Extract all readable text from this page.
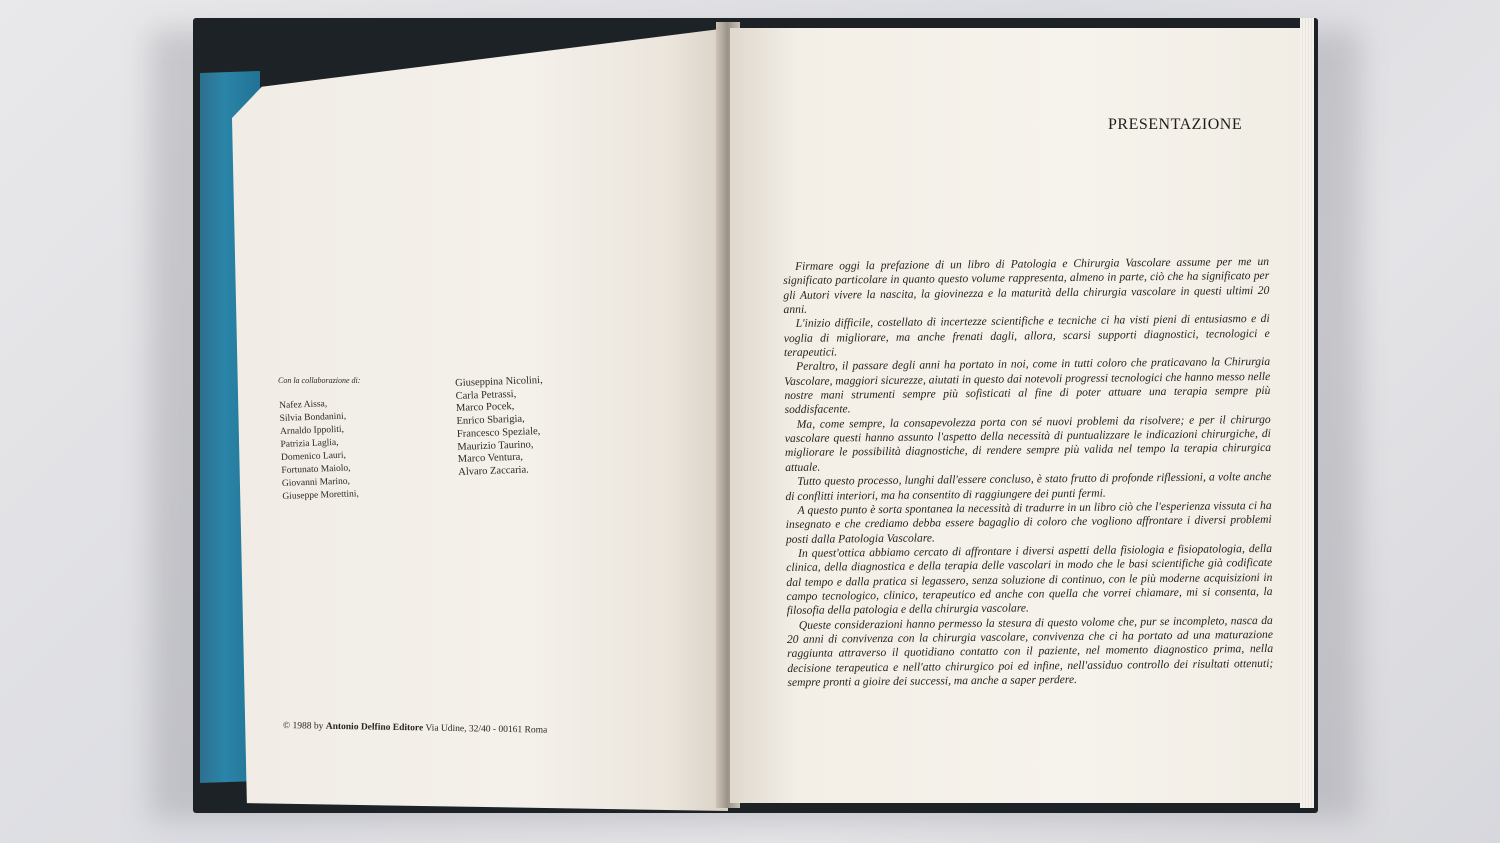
Con la collaborazione di:

Nafez Aissa,
Silvia Bondanini,
Arnaldo Ippoliti,
Patrizia Laglia,
Domenico Lauri,
Fortunato Maiolo,
Giovanni Marino,
Giuseppe Morettini,
Giuseppina Nicolini,
Carla Petrassi,
Marco Pocek,
Enrico Sbarigia,
Francesco Speziale,
Maurizio Taurino,
Marco Ventura,
Alvaro Zaccaria.

© 1988 by Antonio Delfino Editore Via Udine, 32/40 - 00161 Roma

PRESENTAZIONE

Firmare oggi la prefazione di un libro di Patologia e Chirurgia Vascolare assume per me un significato particolare in quanto questo volume rappresenta, almeno in parte, ciò che ha significato per gli Autori vivere la nascita, la giovinezza e la maturità della chirurgia vascolare in questi ultimi 20 anni.

L'inizio difficile, costellato di incertezze scientifiche e tecniche ci ha visti pieni di entusiasmo e di voglia di migliorare, ma anche frenati dagli, allora, scarsi supporti diagnostici, tecnologici e terapeutici.

Peraltro, il passare degli anni ha portato in noi, come in tutti coloro che praticavano la Chirurgia Vascolare, maggiori sicurezze, aiutati in questo dai notevoli progressi tecnologici che hanno messo nelle nostre mani strumenti sempre più sofisticati al fine di poter attuare una terapia sempre più soddisfacente.

Ma, come sempre, la consapevolezza porta con sé nuovi problemi da risolvere; e per il chirurgo vascolare questi hanno assunto l'aspetto della necessità di puntualizzare le indicazioni chirurgiche, di migliorare le possibilità diagnostiche, di rendere sempre più valida nel tempo la terapia chirurgica attuale.

Tutto questo processo, lunghi dall'essere concluso, è stato frutto di profonde riflessioni, a volte anche di conflitti interiori, ma ha consentito di raggiungere dei punti fermi.

A questo punto è sorta spontanea la necessità di tradurre in un libro ciò che l'esperienza vissuta ci ha insegnato e che crediamo debba essere bagaglio di coloro che vogliono affrontare i diversi problemi posti dalla Patologia Vascolare.

In quest'ottica abbiamo cercato di affrontare i diversi aspetti della fisiologia e fisiopatologia, della clinica, della diagnostica e della terapia delle vascolari in modo che le basi scientifiche già codificate dal tempo e dalla pratica si legassero, senza soluzione di continuo, con le più moderne acquisizioni in campo tecnologico, clinico, terapeutico ed anche con quella che vorrei chiamare, mi si consenta, la filosofia della patologia e della chirurgia vascolare.

Queste considerazioni hanno permesso la stesura di questo volome che, pur se incompleto, nasca da 20 anni di convivenza con la chirurgia vascolare, convivenza che ci ha portato ad una maturazione raggiunta attraverso il quotidiano contatto con il paziente, nel momento diagnostico prima, nella decisione terapeutica e nell'atto chirurgico poi ed infine, nell'assiduo controllo dei risultati ottenuti; sempre pronti a gioire dei successi, ma anche a saper perdere.
